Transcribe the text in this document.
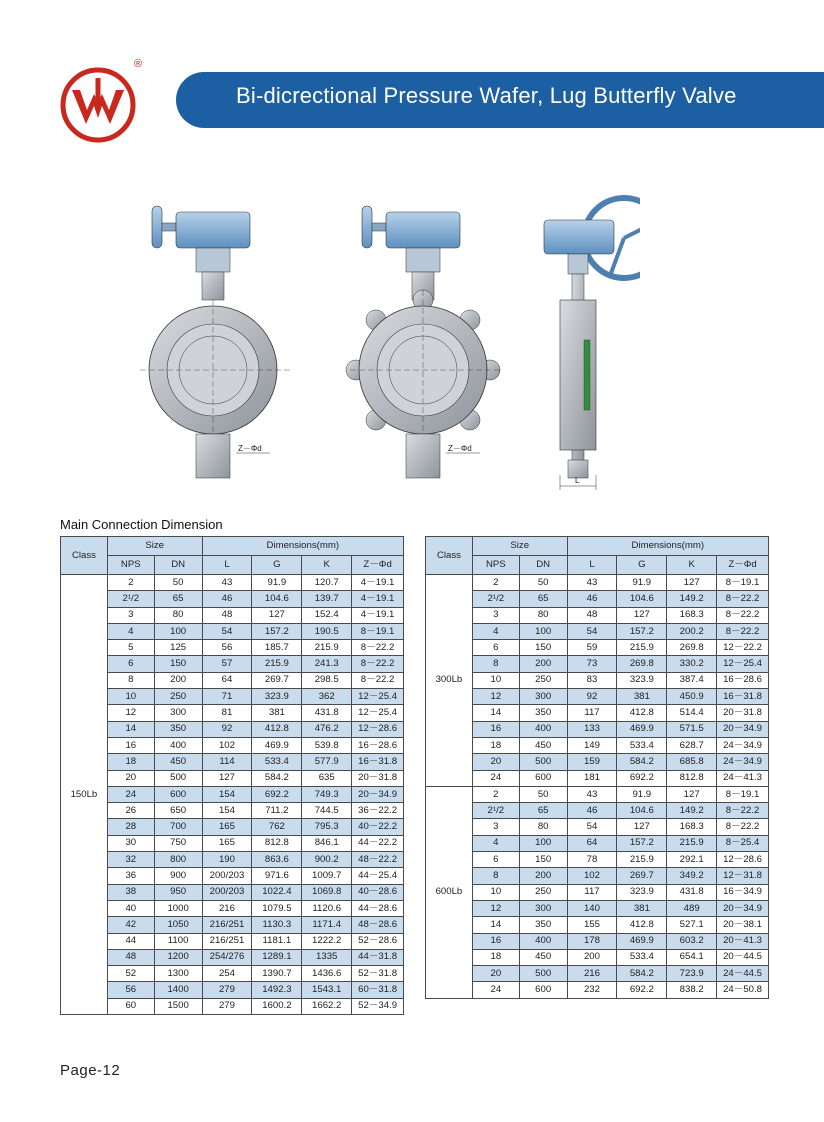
®
Bi-dicrectional Pressure Wafer, Lug Butterfly Valve
Z－Φd	Z－Φd
L
Main Connection Dimension
Class	Size		Dimensions(mm)			
	NPS	DN	L	G	K	Z－Φd
150Lb	2	50	43	91.9	120.7	4－19.1
	2¹/2	65	46	104.6	139.7	4－19.1
	3	80	48	127	152.4	4－19.1
	4	100	54	157.2	190.5	8－19.1
	5	125	56	185.7	215.9	8－22.2
	6	150	57	215.9	241.3	8－22.2
	8	200	64	269.7	298.5	8－22.2
	10	250	71	323.9	362	12－25.4
	12	300	81	381	431.8	12－25.4
	14	350	92	412.8	476.2	12－28.6
	16	400	102	469.9	539.8	16－28.6
	18	450	114	533.4	577.9	16－31.8
	20	500	127	584.2	635	20－31.8
	24	600	154	692.2	749.3	20－34.9
	26	650	154	711.2	744.5	36－22.2
	28	700	165	762	795.3	40－22.2
	30	750	165	812.8	846.1	44－22.2
	32	800	190	863.6	900.2	48－22.2
	36	900	200/203	971.6	1009.7	44－25.4
	38	950	200/203	1022.4	1069.8	40－28.6
	40	1000	216	1079.5	1120.6	44－28.6
	42	1050	216/251	1130.3	1171.4	48－28.6
	44	1100	216/251	1181.1	1222.2	52－28.6
	48	1200	254/276	1289.1	1335	44－31.8
	52	1300	254	1390.7	1436.6	52－31.8
	56	1400	279	1492.3	1543.1	60－31.8
	60	1500	279	1600.2	1662.2	52－34.9
Class	Size		Dimensions(mm)			
	NPS	DN	L	G	K	Z－Φd
300Lb	2	50	43	91.9	127	8－19.1
	2¹/2	65	46	104.6	149.2	8－22.2
	3	80	48	127	168.3	8－22.2
	4	100	54	157.2	200.2	8－22.2
	6	150	59	215.9	269.8	12－22.2
	8	200	73	269.8	330.2	12－25.4
	10	250	83	323.9	387.4	16－28.6
	12	300	92	381	450.9	16－31.8
	14	350	117	412.8	514.4	20－31.8
	16	400	133	469.9	571.5	20－34.9
	18	450	149	533.4	628.7	24－34.9
	20	500	159	584.2	685.8	24－34.9
	24	600	181	692.2	812.8	24－41.3
600Lb	2	50	43	91.9	127	8－19.1
	2¹/2	65	46	104.6	149.2	8－22.2
	3	80	54	127	168.3	8－22.2
	4	100	64	157.2	215.9	8－25.4
	6	150	78	215.9	292.1	12－28.6
	8	200	102	269.7	349.2	12－31.8
	10	250	117	323.9	431.8	16－34.9
	12	300	140	381	489	20－34.9
	14	350	155	412.8	527.1	20－38.1
	16	400	178	469.9	603.2	20－41.3
	18	450	200	533.4	654.1	20－44.5
	20	500	216	584.2	723.9	24－44.5
	24	600	232	692.2	838.2	24－50.8
Page-12
